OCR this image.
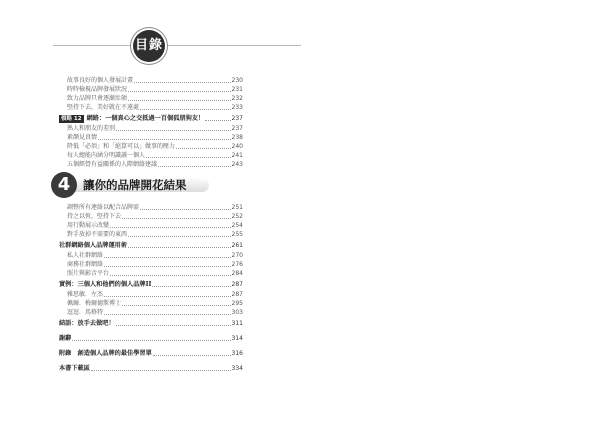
目錄
故事良好的個人發展計畫	230
時時檢視品牌發展狀況	231
致力品牌只會逐漸壯碩	232
堅持下去，美好就在不遠處	233
領略 12 網路：一個真心之交抵過一百個狐朋狗友！	237
熟人和朋友的差別	237
素顏見真情	238
降低「必須」和「絕算可以」做事的壓力	240
每人總能內涵分明識讀一個人	241
五個經營有益關係的人際網絡建議	243
4	讓你的品牌開花結果
調整所有連絡以配合品牌需	251
持之以恆，堅持下去	252
用行動展示改變	254
對手放掉不需要的東西	255
社群網絡個人品牌運用術	261
私人社群網絡	270
商務社群網絡	276
照片與影音平台	284
實例：三個人和他們的個人品牌II	287
雅思敏．左杰	287
佩爾．梅爾德斯博士	295
逗逗．馬格特	303
結語：放手去做吧！	311
謝辭	314
附錄　創造個人品牌的最佳學習單	316
本書下載區	334
